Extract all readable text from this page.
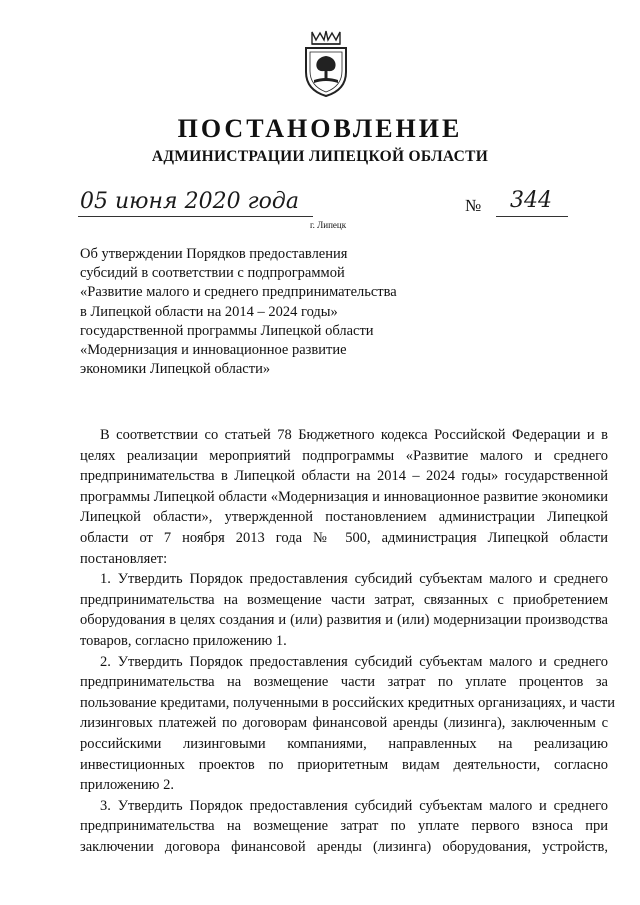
ПОСТАНОВЛЕНИЕ
АДМИНИСТРАЦИИ ЛИПЕЦКОЙ ОБЛАСТИ
05 июня 2020 года
г. Липецк
№ 344
Об утверждении Порядков предоставления
субсидий в соответствии с подпрограммой
«Развитие малого и среднего предпринимательства
в Липецкой области на 2014 – 2024 годы»
государственной программы Липецкой области
«Модернизация и инновационное развитие
экономики Липецкой области»
В соответствии со статьей 78 Бюджетного кодекса Российской Федерации и в
целях реализации мероприятий подпрограммы «Развитие малого и среднего
предпринимательства в Липецкой области на 2014 – 2024 годы» государственной
программы Липецкой области «Модернизация и инновационное развитие экономики
Липецкой области», утвержденной постановлением администрации Липецкой
области от 7 ноября 2013 года № 500, администрация Липецкой области
постановляет:
1. Утвердить Порядок предоставления субсидий субъектам малого и среднего
предпринимательства на возмещение части затрат, связанных с приобретением
оборудования в целях создания и (или) развития и (или) модернизации производства
товаров, согласно приложению 1.
2. Утвердить Порядок предоставления субсидий субъектам малого и среднего
предпринимательства на возмещение части затрат по уплате процентов за
пользование кредитами, полученными в российских кредитных организациях, и части
лизинговых платежей по договорам финансовой аренды (лизинга), заключенным с
российскими лизинговыми компаниями, направленных на реализацию
инвестиционных проектов по приоритетным видам деятельности, согласно
приложению 2.
3. Утвердить Порядок предоставления субсидий субъектам малого и среднего
предпринимательства на возмещение затрат по уплате первого взноса при
заключении договора финансовой аренды (лизинга) оборудования, устройств,
